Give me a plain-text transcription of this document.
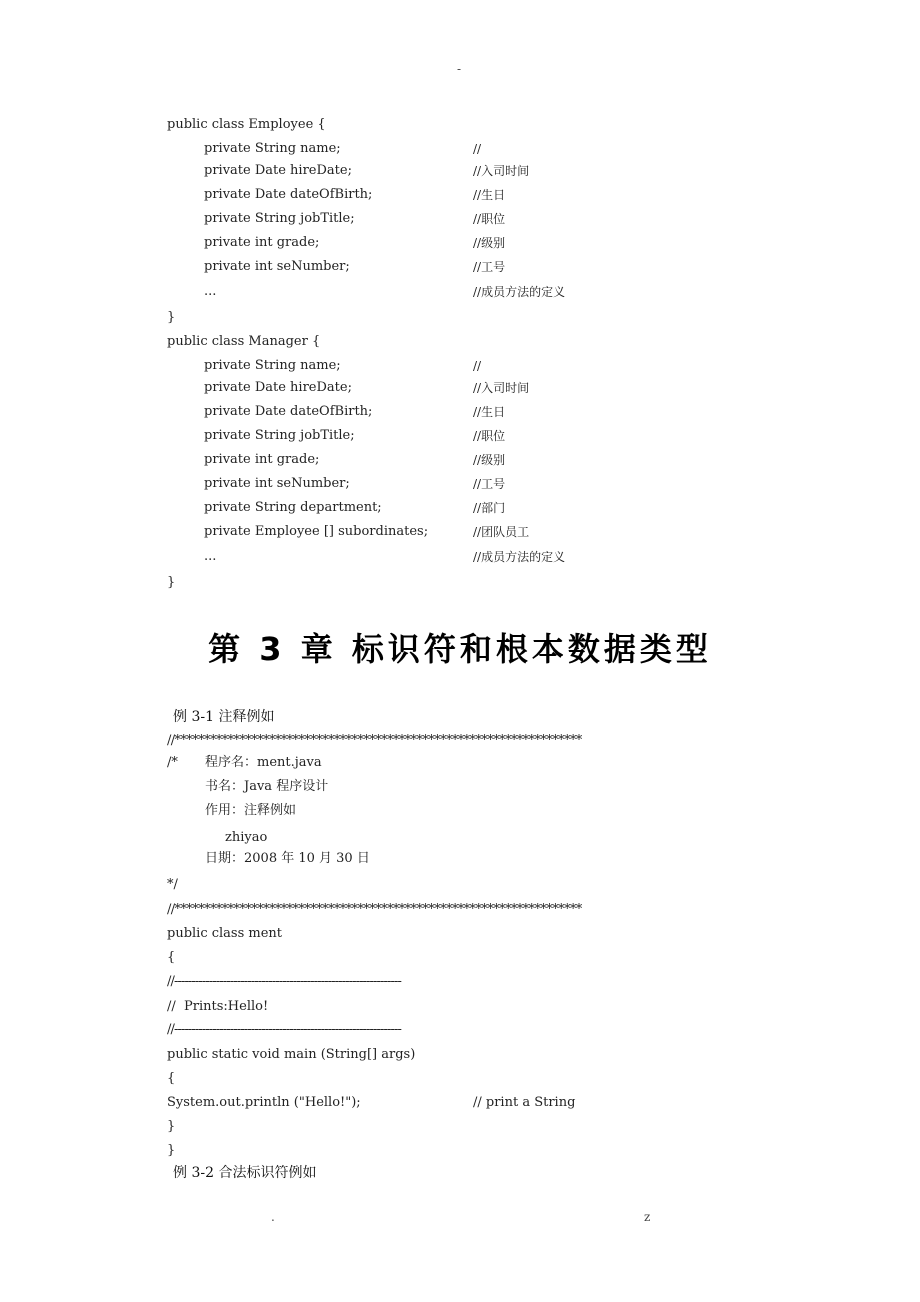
-
public class Employee {
private String name;	//
private Date hireDate;	//入司时间
private Date dateOfBirth;	//生日
private String jobTitle;	//职位
private int grade;	//级别
private int seNumber;	//工号
...	//成员方法的定义
}
public class Manager {
private String name;	//
private Date hireDate;	//入司时间
private Date dateOfBirth;	//生日
private String jobTitle;	//职位
private int grade;	//级别
private int seNumber;	//工号
private String department;	//部门
private Employee [] subordinates;	//团队员工
...	//成员方法的定义
}
第 3 章 标识符和根本数据类型
例 3-1 注释例如
//*********************************************************************
/* 程序名：ment.java
书名：Java 程序设计
作用：注释例如
zhiyao
日期：2008 年 10 月 30 日
*/
//*********************************************************************
public class ment
{
//-----------------------------------------------------------------
//  Prints:Hello!
//-----------------------------------------------------------------
public static void main (String[] args)
{
System.out.println ("Hello!");	// print a String
}
}
例 3-2 合法标识符例如
.	z
